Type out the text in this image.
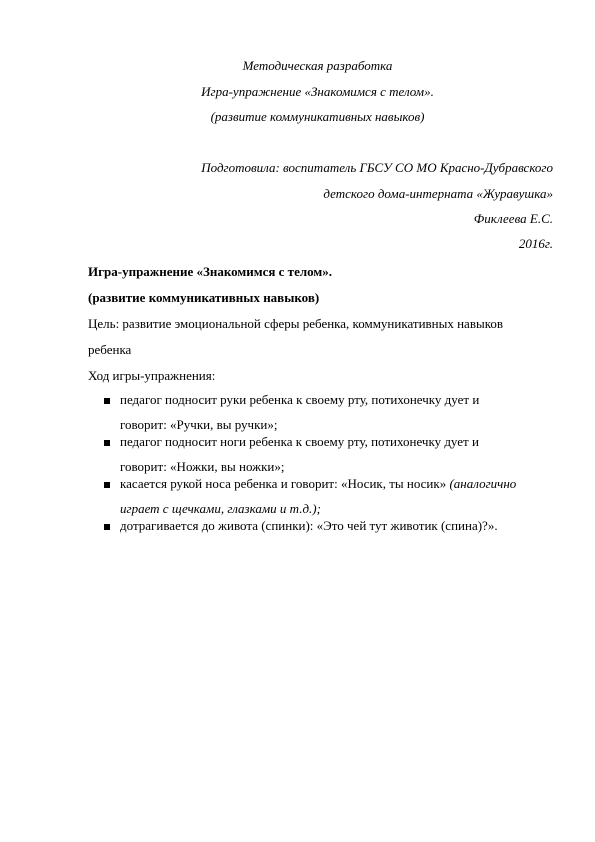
Методическая разработка
Игра-упражнение «Знакомимся с телом».
(развитие коммуникативных навыков)
Подготовила: воспитатель ГБСУ СО МО Красно-Дубравского
детского дома-интерната «Журавушка»
Фиклеева Е.С.
2016г.
Игра-упражнение «Знакомимся с телом».
(развитие коммуникативных навыков)
Цель: развитие эмоциональной сферы ребенка, коммуникативных навыков
ребенка
Ход игры-упражнения:
педагог подносит руки ребенка к своему рту, потихонечку дует и
говорит: «Ручки, вы ручки»;
педагог подносит ноги ребенка к своему рту, потихонечку дует и
говорит: «Ножки, вы ножки»;
касается рукой носа ребенка и говорит: «Носик, ты носик» (аналогично
играет с щечками, глазками и т.д.);
дотрагивается до живота (спинки): «Это чей тут животик (спина)?».
